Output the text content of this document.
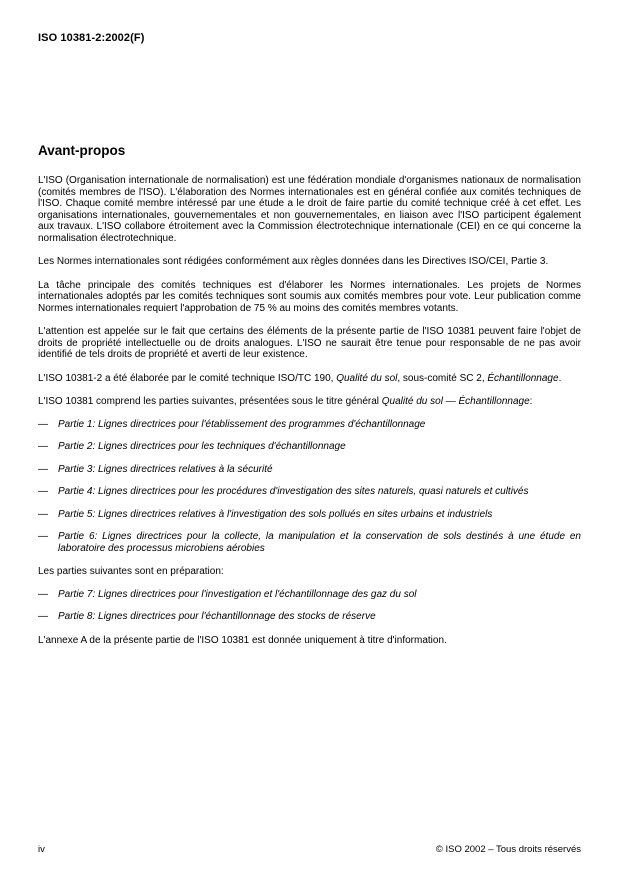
ISO 10381-2:2002(F)
Avant-propos

L'ISO (Organisation internationale de normalisation) est une fédération mondiale d'organismes nationaux de normalisation (comités membres de l'ISO). L'élaboration des Normes internationales est en général confiée aux comités techniques de l'ISO. Chaque comité membre intéressé par une étude a le droit de faire partie du comité technique créé à cet effet. Les organisations internationales, gouvernementales et non gouvernementales, en liaison avec l'ISO participent également aux travaux. L'ISO collabore étroitement avec la Commission électrotechnique internationale (CEI) en ce qui concerne la normalisation électrotechnique.

Les Normes internationales sont rédigées conformément aux règles données dans les Directives ISO/CEI, Partie 3.

La tâche principale des comités techniques est d'élaborer les Normes internationales. Les projets de Normes internationales adoptés par les comités techniques sont soumis aux comités membres pour vote. Leur publication comme Normes internationales requiert l'approbation de 75 % au moins des comités membres votants.

L'attention est appelée sur le fait que certains des éléments de la présente partie de l'ISO 10381 peuvent faire l'objet de droits de propriété intellectuelle ou de droits analogues. L'ISO ne saurait être tenue pour responsable de ne pas avoir identifié de tels droits de propriété et averti de leur existence.

L'ISO 10381-2 a été élaborée par le comité technique ISO/TC 190, Qualité du sol, sous-comité SC 2, Échantillonnage.

L'ISO 10381 comprend les parties suivantes, présentées sous le titre général Qualité du sol — Échantillonnage:

—	Partie 1: Lignes directrices pour l'établissement des programmes d'échantillonnage
—	Partie 2: Lignes directrices pour les techniques d'échantillonnage
—	Partie 3: Lignes directrices relatives à la sécurité
—	Partie 4: Lignes directrices pour les procédures d'investigation des sites naturels, quasi naturels et cultivés
—	Partie 5: Lignes directrices relatives à l'investigation des sols pollués en sites urbains et industriels
—	Partie 6: Lignes directrices pour la collecte, la manipulation et la conservation de sols destinés à une étude en laboratoire des processus microbiens aérobies

Les parties suivantes sont en préparation:

—	Partie 7: Lignes directrices pour l'investigation et l'échantillonnage des gaz du sol
—	Partie 8: Lignes directrices pour l'échantillonnage des stocks de réserve

L'annexe A de la présente partie de l'ISO 10381 est donnée uniquement à titre d'information.

iv	© ISO 2002 – Tous droits réservés
